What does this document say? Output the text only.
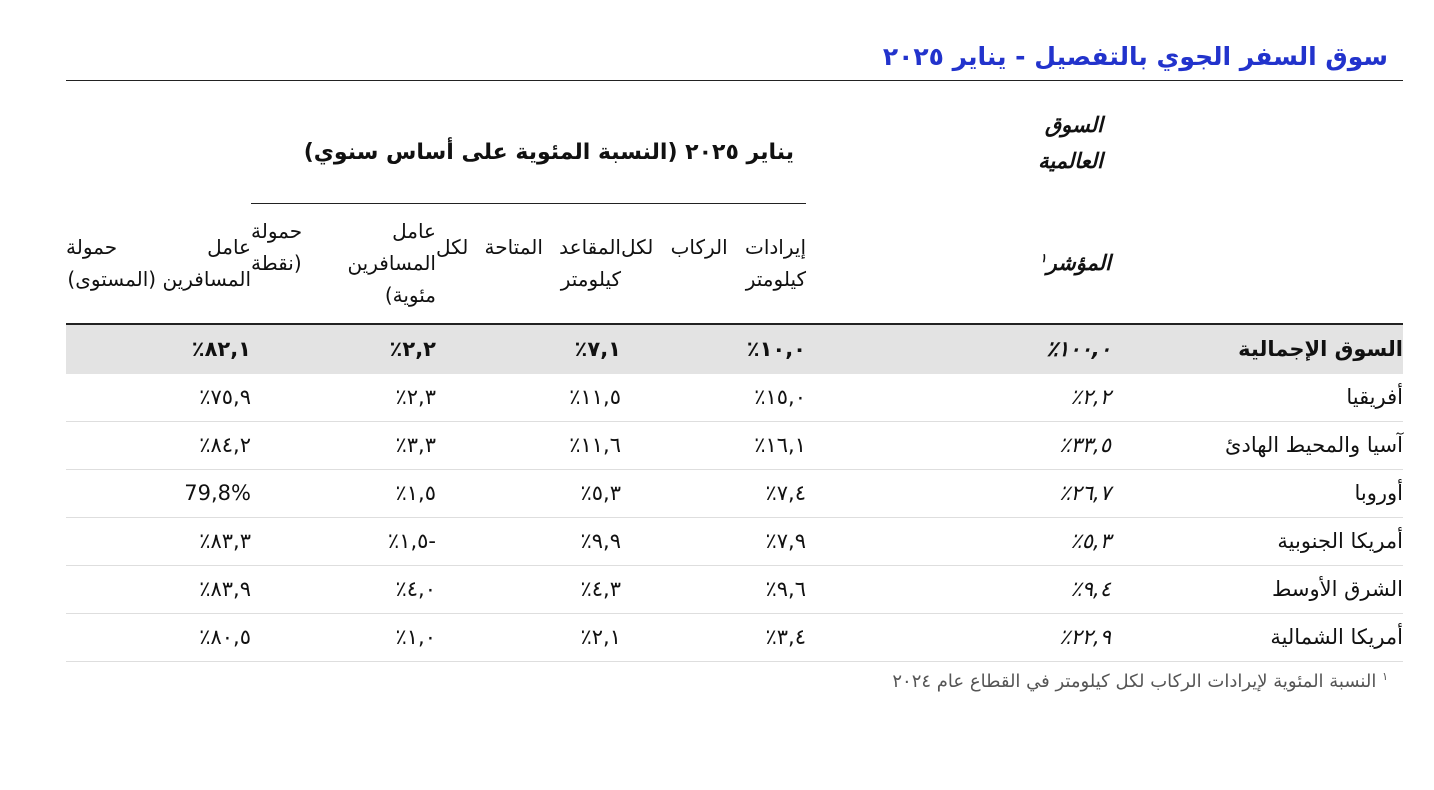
سوق السفر الجوي بالتفصيل - يناير ٢٠٢٥

	السوق
العالمية				

		يناير ٢٠٢٥ (النسبة المئوية على أساس سنوي)			

	المؤشر$^١$	إيرادات الركاب لكل كيلومتر	المقاعد المتاحة لكل كيلومتر	عامل حمولة المسافرين (نقطة مئوية)	عامل حمولة المسافرين (المستوى)
السوق الإجمالية	١٠٠,٠٪	١٠,٠٪	٧,١٪	٢,٢٪	٨٢,١٪
أفريقيا	٢,٢٪	١٥,٠٪	١١,٥٪	٢,٣٪	٧٥,٩٪
آسيا والمحيط الهادئ	٣٣,٥٪	١٦,١٪	١١,٦٪	٣,٣٪	٨٤,٢٪
أوروبا	٢٦,٧٪	٧,٤٪	٥,٣٪	١,٥٪	79,8%
أمريكا الجنوبية	٥,٣٪	٧,٩٪	٩,٩٪	-١,٥٪	٨٣,٣٪
الشرق الأوسط	٩,٤٪	٩,٦٪	٤,٣٪	٤,٠٪	٨٣,٩٪
أمريكا الشمالية	٢٢,٩٪	٣,٤٪	٢,١٪	١,٠٪	٨٠,٥٪
$^١$ النسبة المئوية لإيرادات الركاب لكل كيلومتر في القطاع عام ٢٠٢٤
